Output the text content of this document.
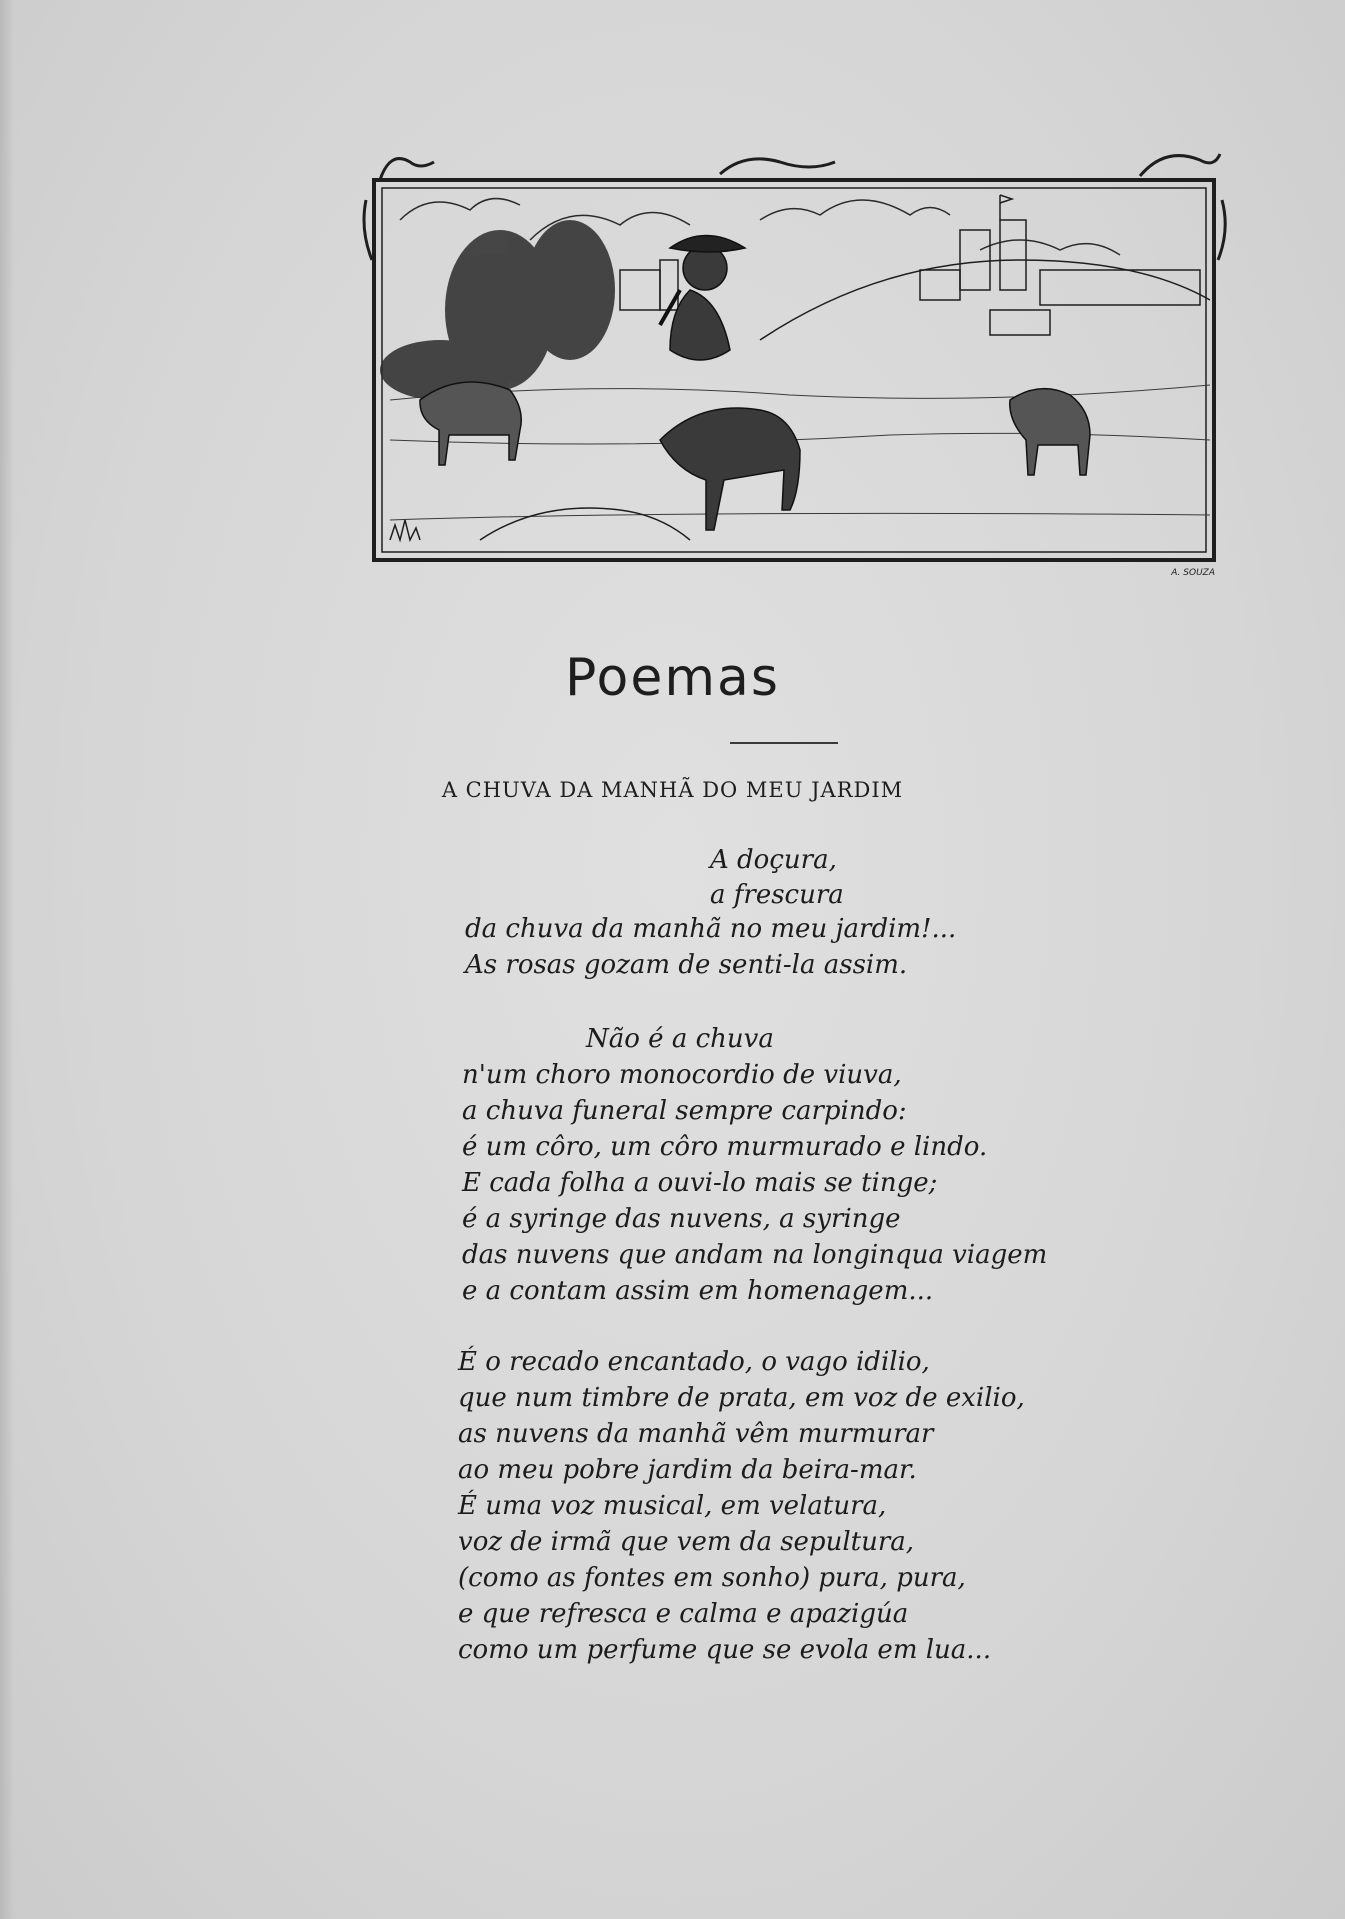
A. SOUZA
Poemas
A CHUVA DA MANHÃ DO MEU JARDIM
A doçura,
a frescura
da chuva da manhã no meu jardim!...
As rosas gozam de senti-la assim.
Não é a chuva
n'um choro monocordio de viuva,
a chuva funeral sempre carpindo:
é um côro, um côro murmurado e lindo.
E cada folha a ouvi-lo mais se tinge;
é a syringe das nuvens, a syringe
das nuvens que andam na longinqua viagem
e a contam assim em homenagem...
É o recado encantado, o vago idilio,
que num timbre de prata, em voz de exilio,
as nuvens da manhã vêm murmurar
ao meu pobre jardim da beira-mar.
É uma voz musical, em velatura,
voz de irmã que vem da sepultura,
(como as fontes em sonho) pura, pura,
e que refresca e calma e apazigúa
como um perfume que se evola em lua...
